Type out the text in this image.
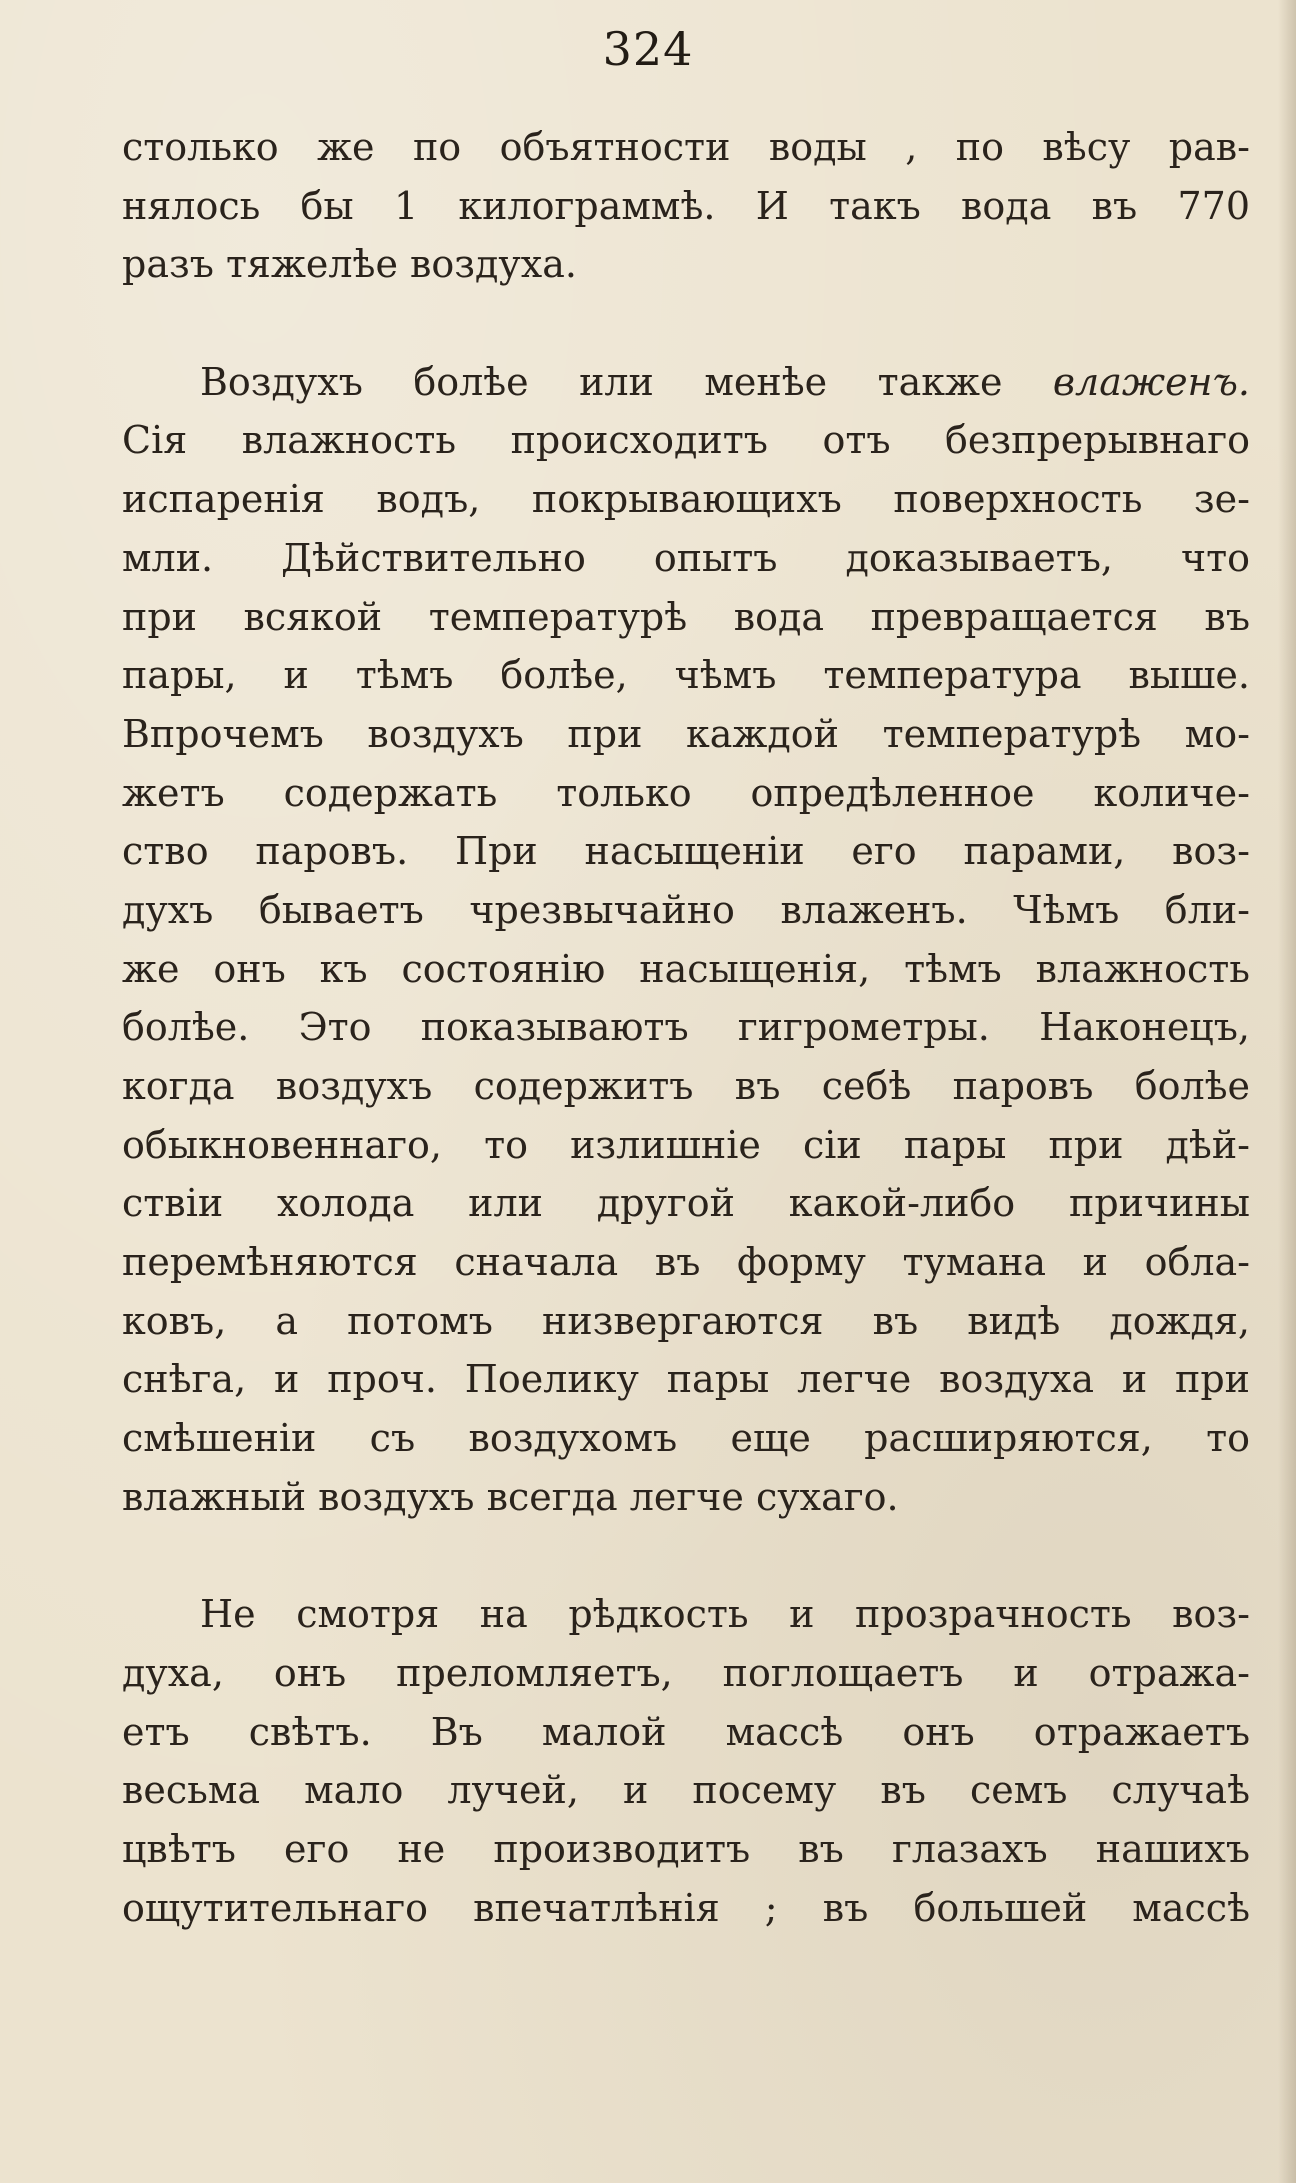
324
столько же по объятности воды , по вѣсу рав-
нялось бы 1 килограммѣ. И такъ вода въ 770
разъ тяжелѣе воздуха.
Воздухъ болѣе или менѣе также влаженъ.
Сія влажность происходитъ отъ безпрерывнаго
испаренія водъ, покрывающихъ поверхность зе-
мли. Дѣйствительно опытъ доказываетъ, что
при всякой температурѣ вода превращается въ
пары, и тѣмъ болѣе, чѣмъ температура выше.
Впрочемъ воздухъ при каждой температурѣ мо-
жетъ содержать только опредѣленное количе-
ство паровъ. При насыщеніи его парами, воз-
духъ бываетъ чрезвычайно влаженъ. Чѣмъ бли-
же онъ къ состоянію насыщенія, тѣмъ влажность
болѣе. Это показываютъ гигрометры. Наконецъ,
когда воздухъ содержитъ въ себѣ паровъ болѣе
обыкновеннаго, то излишніе сіи пары при дѣй-
ствіи холода или другой какой-либо причины
перемѣняются сначала въ форму тумана и обла-
ковъ, а потомъ низвергаются въ видѣ дождя,
снѣга, и проч. Поелику пары легче воздуха и при
смѣшеніи съ воздухомъ еще расширяются, то
влажный воздухъ всегда легче сухаго.
Не смотря на рѣдкость и прозрачность воз-
духа, онъ преломляетъ, поглощаетъ и отража-
етъ свѣтъ. Въ малой массѣ онъ отражаетъ
весьма мало лучей, и посему въ семъ случаѣ
цвѣтъ его не производитъ въ глазахъ нашихъ
ощутительнаго впечатлѣнія ; въ большей массѣ
